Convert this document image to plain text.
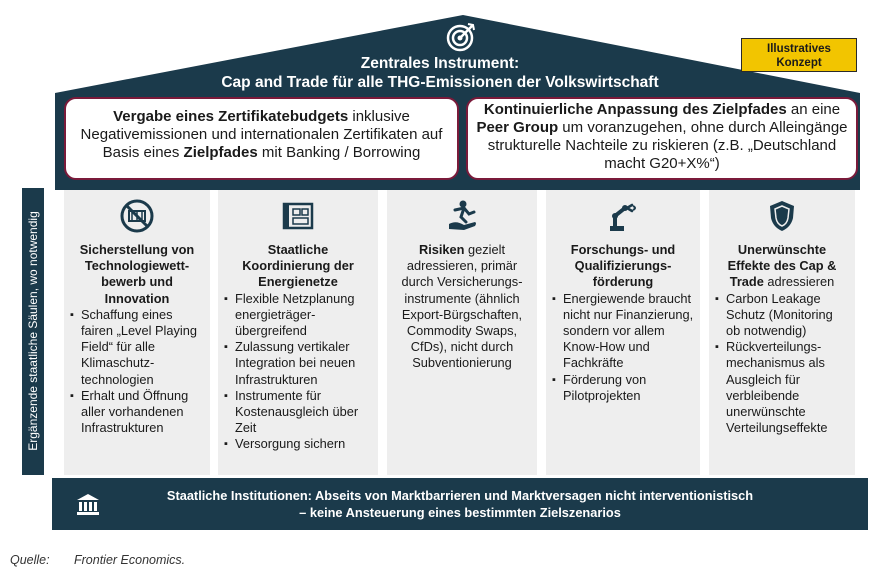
Zentrales Instrument:
Cap and Trade für alle THG-Emissionen der Volkswirtschaft
Illustratives
Konzept
Vergabe eines Zertifikatebudgets inklusive Negativemissionen und internationalen Zertifikaten auf Basis eines Zielpfades mit Banking / Borrowing
Kontinuierliche Anpassung des Zielpfades an eine Peer Group um voranzugehen, ohne durch Alleingänge strukturelle Nachteile zu riskieren (z.B. „Deutschland macht G20+X%“)
Ergänzende staatliche Säulen, wo notwendig	Sicherstellung von Technologiewett-bewerb und Innovation
▪ Schaffung eines fairen „Level Playing Field“ für alle Klimaschutz-technologien
▪ Erhalt und Öffnung aller vorhandenen Infrastrukturen
Staatliche Koordinierung der Energienetze
▪ Flexible Netzplanung energieträger-übergreifend
▪ Zulassung vertikaler Integration bei neuen Infrastrukturen
▪ Instrumente für Kostenausgleich über Zeit
▪ Versorgung sichern
Risiken gezielt adressieren, primär durch Versicherungs-instrumente (ähnlich Export-Bürgschaften, Commodity Swaps, CfDs), nicht durch Subventionierung
Forschungs- und Qualifizierungs-förderung
▪ Energiewende braucht nicht nur Finanzierung, sondern vor allem Know-How und Fachkräfte
▪ Förderung von Pilotprojekten
Unerwünschte Effekte des Cap & Trade adressieren
▪ Carbon Leakage Schutz (Monitoring ob notwendig)
▪ Rückverteilungs-mechanismus als Ausgleich für verbleibende unerwünschte Verteilungseffekte
Staatliche Institutionen: Abseits von Marktbarrieren und Marktversagen nicht interventionistisch
– keine Ansteuerung eines bestimmten Zielszenarios
Quelle: Frontier Economics.
